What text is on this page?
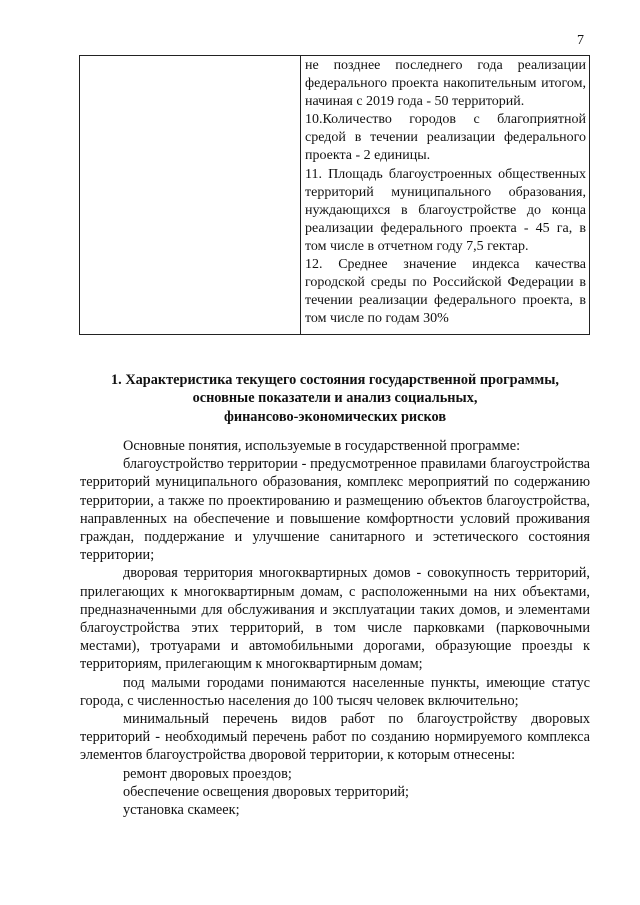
7

не позднее последнего года реализации федерального проекта накопительным итогом, начиная с 2019 года - 50 территорий.

10.Количество городов с благоприятной средой в течении реализации федерального проекта - 2 единицы.

11. Площадь благоустроенных общественных территорий муниципального образования, нуждающихся в благоустройстве до конца реализации федерального проекта - 45 га, в том числе в отчетном году 7,5 гектар.

12. Среднее значение индекса качества городской среды по Российской Федерации в течении реализации федерального проекта, в том числе по годам 30%

1. Характеристика текущего состояния государственной программы,
основные показатели и анализ социальных,
финансово-экономических рисков

Основные понятия, используемые в государственной программе:

благоустройство территории - предусмотренное правилами благоустройства территорий муниципального образования, комплекс мероприятий по содержанию территории, а также по проектированию и размещению объектов благоустройства, направленных на обеспечение и повышение комфортности условий проживания граждан, поддержание и улучшение санитарного и эстетического состояния территории;

дворовая территория многоквартирных домов - совокупность территорий, прилегающих к многоквартирным домам, с расположенными на них объектами, предназначенными для обслуживания и эксплуатации таких домов, и элементами благоустройства этих территорий, в том числе парковками (парковочными местами), тротуарами и автомобильными дорогами, образующие проезды к территориям, прилегающим к многоквартирным домам;

под малыми городами понимаются населенные пункты, имеющие статус города, с численностью населения до 100 тысяч человек включительно;

минимальный перечень видов работ по благоустройству дворовых территорий - необходимый перечень работ по созданию нормируемого комплекса элементов благоустройства дворовой территории, к которым отнесены:

ремонт дворовых проездов;

обеспечение освещения дворовых территорий;

установка скамеек;
